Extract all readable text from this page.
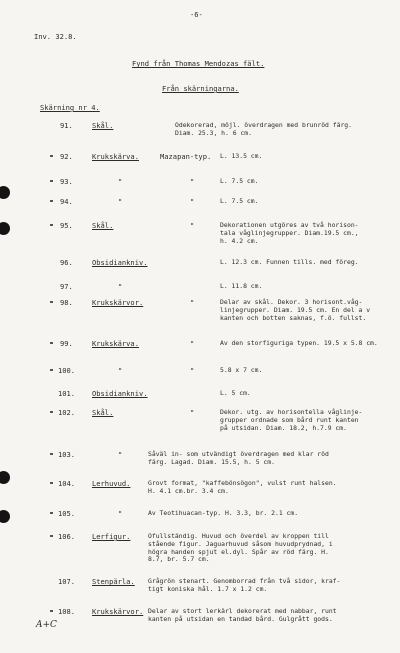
-6-
Inv. 32.8.
Fynd från Thomas Mendozas fält.
Från skärningarna.
Skärning nr 4.
91.	Skål.	Odekorerad, möjl. överdragen med brunröd färg.
Diam. 25.3, h. 6 cm.
92.	Krukskärva.	Mazapan-typ. L. 13.5 cm.
93.	"	"	L. 7.5 cm.
94.	"	"	L. 7.5 cm.
95.	Skål.	"	Dekorationen utgöres av två horison-
tala våglinjegrupper. Diam.19.5 cm.,
h. 4.2 cm.
96.	Obsidiankniv.	L. 12.3 cm. Funnen tills. med föreg.
97.	"	L. 11.8 cm.
98.	Krukskärvor.	"	Delar av skål. Dekor. 3 horisont.våg-
linjegrupper. Diam. 19.5 cm. En del a v
kanten och botten saknas, f.ö. fullst.
99.	Krukskärva.	"	Av den storfiguriga typen. 19.5 x 5.8 cm.
100.	"	"	5.8 x 7 cm.
101. Obsidiankniv.	L. 5 cm.
102. Skål.	"	Dekor. utg. av horisontella våglinje-
grupper ordnade som bård runt kanten
på utsidan. Diam. 18.2, h.7.9 cm.
103.	"	Såväl in- som utvändigt överdragen med klar röd
färg. Lagad. Diam. 15.5, h. 5 cm.
104. Lerhuvud.	Grovt format, "kaffebönsögon", vulst runt halsen.
H. 4.1 cm.br. 3.4 cm.
105.	"	Av Teotihuacan-typ. H. 3.3, br. 2.1 cm.
106. Lerfigur.	Ofullständig. Huvud och överdel av kroppen till
stående figur. Jaguarhuvud såsom huvudprydnad, i
högra handen spjut el.dyl. Spår av röd färg. H.
8.7, br. 5.7 cm.
107. Stenpärla. Grågrön stenart. Genomborrad från två sidor, kraf-
tigt koniska hål. 1.7 x 1.2 cm.
108. Krukskärvor. Delar av stort lerkärl dekorerat med nabbar, runt
kanten på utsidan en tandad bård. Gulgrått gods.
A+C
